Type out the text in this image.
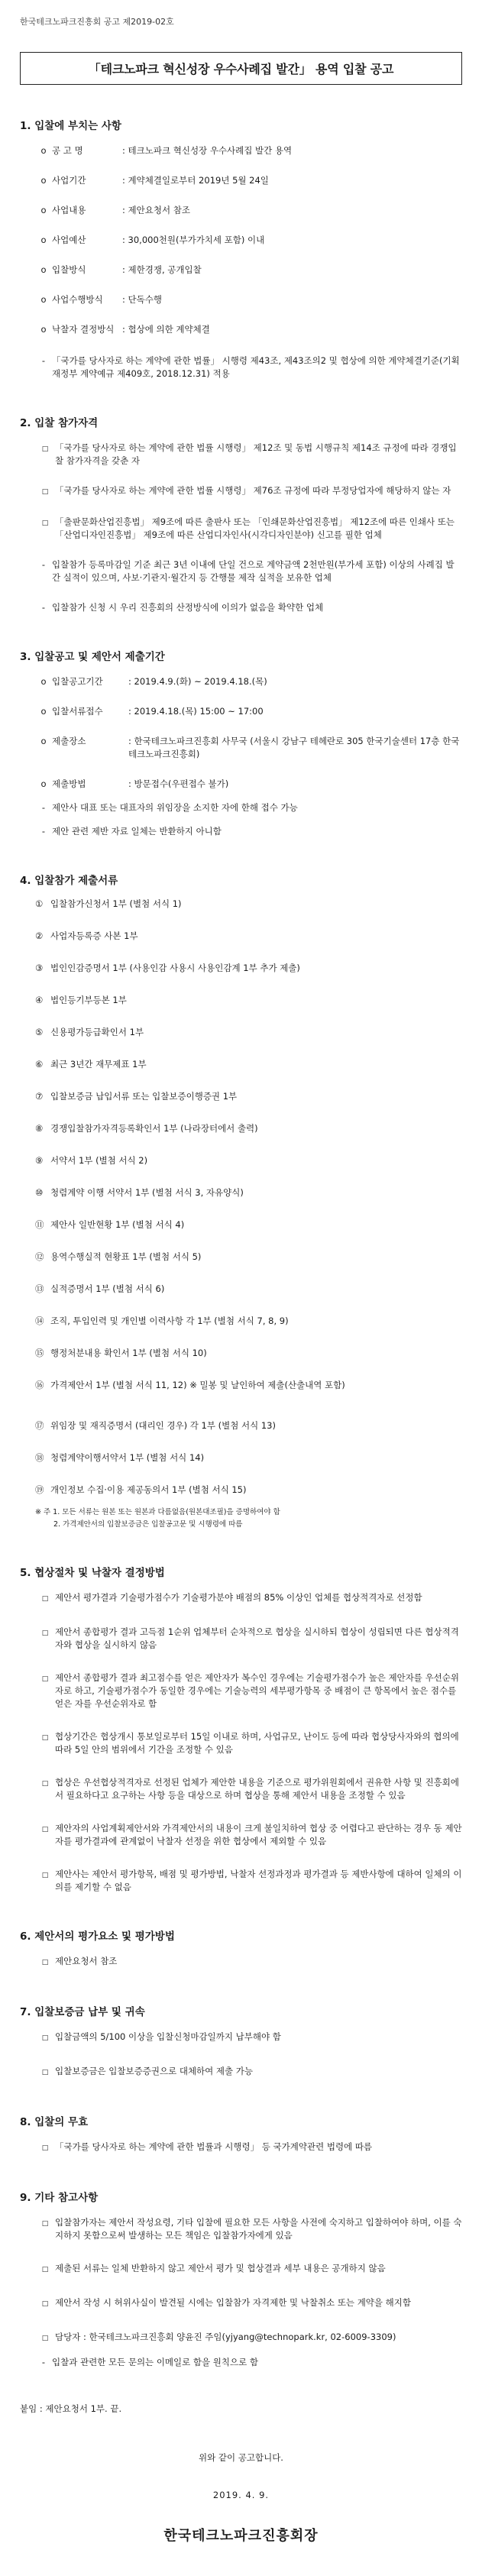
한국테크노파크진흥회 공고 제2019-02호
「테크노파크 혁신성장 우수사례집 발간」 용역 입찰 공고
1. 입찰에 부치는 사항
o 공 고 명	: 테크노파크 혁신성장 우수사례집 발간 용역
o 사업기간	: 계약체결일로부터 2019년 5월 24일
o 사업내용	: 제안요청서 참조
o 사업예산	: 30,000천원(부가가치세 포함) 이내
o 입찰방식	: 제한경쟁, 공개입찰
o 사업수행방식	: 단독수행
o 낙찰자 결정방식 : 협상에 의한 계약체결
- 「국가를 당사자로 하는 계약에 관한 법률」 시행령 제43조, 제43조의2 및 협상에 의한 계약체결기준(기획재정부 계약예규 제409호, 2018.12.31) 적용
2. 입찰 참가자격
□ 「국가를 당사자로 하는 계약에 관한 법률 시행령」 제12조 및 동법 시행규칙 제14조 규정에 따라 경쟁입찰 참가자격을 갖춘 자
□ 「국가를 당사자로 하는 계약에 관한 법률 시행령」 제76조 규정에 따라 부정당업자에 해당하지 않는 자
□ 「출판문화산업진흥법」 제9조에 따른 출판사 또는 「인쇄문화산업진흥법」 제12조에 따른 인쇄사 또는 「산업디자인진흥법」 제9조에 따른 산업디자인사(시각디자인분야) 신고를 필한 업체
- 입찰참가 등록마감일 기준 최근 3년 이내에 단일 건으로 계약금액 2천만원(부가세 포함) 이상의 사례집 발간 실적이 있으며, 사보·기관지·월간지 등 간행물 제작 실적을 보유한 업체
- 입찰참가 신청 시 우리 진흥회의 산정방식에 이의가 없음을 확약한 업체
3. 입찰공고 및 제안서 제출기간
o 입찰공고기간	: 2019.4.9.(화) ~ 2019.4.18.(목)
o 입찰서류접수	: 2019.4.18.(목) 15:00 ~ 17:00
o 제출장소	: 한국테크노파크진흥회 사무국 (서울시 강남구 테헤란로 305 한국기술센터 17층 한국테크노파크진흥회)
o 제출방법	: 방문접수(우편접수 불가)
- 제안사 대표 또는 대표자의 위임장을 소지한 자에 한해 접수 가능
- 제안 관련 제반 자료 일체는 반환하지 아니함
4. 입찰참가 제출서류
① 입찰참가신청서 1부 (별첨 서식 1)
② 사업자등록증 사본 1부
③ 법인인감증명서 1부 (사용인감 사용시 사용인감계 1부 추가 제출)
④ 법인등기부등본 1부
⑤ 신용평가등급확인서 1부
⑥ 최근 3년간 재무제표 1부
⑦ 입찰보증금 납입서류 또는 입찰보증이행증권 1부
⑧ 경쟁입찰참가자격등록확인서 1부 (나라장터에서 출력)
⑨ 서약서 1부 (별첨 서식 2)
⑩ 청렴계약 이행 서약서 1부 (별첨 서식 3, 자유양식)
⑪ 제안사 일반현황 1부 (별첨 서식 4)
⑫ 용역수행실적 현황표 1부 (별첨 서식 5)
⑬ 실적증명서 1부 (별첨 서식 6)
⑭ 조직, 투입인력 및 개인별 이력사항 각 1부 (별첨 서식 7, 8, 9)
⑮ 행정처분내용 확인서 1부 (별첨 서식 10)
⑯ 가격제안서 1부 (별첨 서식 11, 12) ※ 밀봉 및 날인하여 제출(산출내역 포함)
⑰ 위임장 및 재직증명서 (대리인 경우) 각 1부 (별첨 서식 13)
⑱ 청렴계약이행서약서 1부 (별첨 서식 14)
⑲ 개인정보 수집·이용 제공동의서 1부 (별첨 서식 15)
※ 주 1. 모든 서류는 원본 또는 원본과 다름없음(원본대조필)을 증명하여야 함
2. 가격제안서의 입찰보증금은 입찰공고문 및 시행령에 따름
5. 협상절차 및 낙찰자 결정방법
□ 제안서 평가결과 기술평가점수가 기술평가분야 배점의 85% 이상인 업체를 협상적격자로 선정함
□ 제안서 종합평가 결과 고득점 1순위 업체부터 순차적으로 협상을 실시하되 협상이 성립되면 다른 협상적격자와 협상을 실시하지 않음
□ 제안서 종합평가 결과 최고점수를 얻은 제안자가 복수인 경우에는 기술평가점수가 높은 제안자를 우선순위자로 하고, 기술평가점수가 동일한 경우에는 기술능력의 세부평가항목 중 배점이 큰 항목에서 높은 점수를 얻은 자를 우선순위자로 함
□ 협상기간은 협상개시 통보일로부터 15일 이내로 하며, 사업규모, 난이도 등에 따라 협상당사자와의 협의에 따라 5일 안의 범위에서 기간을 조정할 수 있음
□ 협상은 우선협상적격자로 선정된 업체가 제안한 내용을 기준으로 평가위원회에서 권유한 사항 및 진흥회에서 필요하다고 요구하는 사항 등을 대상으로 하며 협상을 통해 제안서 내용을 조정할 수 있음
□ 제안자의 사업계획제안서와 가격제안서의 내용이 크게 불일치하여 협상 중 어렵다고 판단하는 경우 동 제안자를 평가결과에 관계없이 낙찰자 선정을 위한 협상에서 제외할 수 있음
□ 제안사는 제안서 평가항목, 배점 및 평가방법, 낙찰자 선정과정과 평가결과 등 제반사항에 대하여 일체의 이의를 제기할 수 없음
6. 제안서의 평가요소 및 평가방법
□ 제안요청서 참조
7. 입찰보증금 납부 및 귀속
□ 입찰금액의 5/100 이상을 입찰신청마감일까지 납부해야 함
□ 입찰보증금은 입찰보증증권으로 대체하여 제출 가능
8. 입찰의 무효
□ 「국가를 당사자로 하는 계약에 관한 법률과 시행령」 등 국가계약관련 법령에 따름
9. 기타 참고사항
□ 입찰참가자는 제안서 작성요령, 기타 입찰에 필요한 모든 사항을 사전에 숙지하고 입찰하여야 하며, 이를 숙지하지 못함으로써 발생하는 모든 책임은 입찰참가자에게 있음
□ 제출된 서류는 일체 반환하지 않고 제안서 평가 및 협상결과 세부 내용은 공개하지 않음
□ 제안서 작성 시 허위사실이 발견될 시에는 입찰참가 자격제한 및 낙찰취소 또는 계약을 해지함
□ 담당자 : 한국테크노파크진흥회 양윤진 주임(yjyang@technopark.kr, 02-6009-3309)
- 입찰과 관련한 모든 문의는 이메일로 함을 원칙으로 함
붙임 : 제안요청서 1부. 끝.
위와 같이 공고합니다.
2019. 4. 9.
한국테크노파크진흥회장
